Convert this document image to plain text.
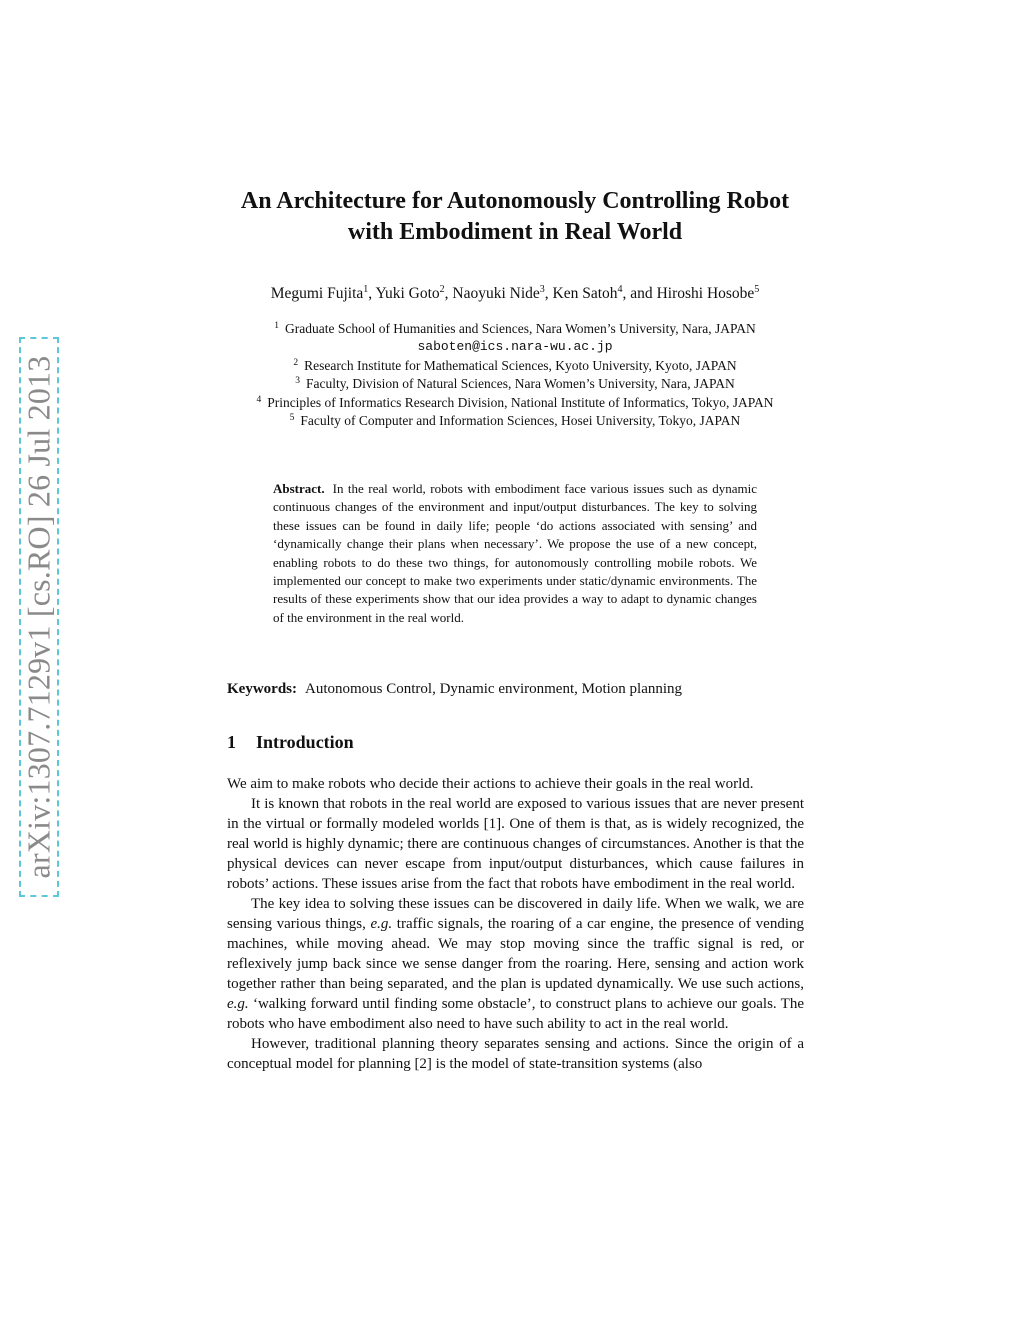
arXiv:1307.7129v1 [cs.RO] 26 Jul 2013
An Architecture for Autonomously Controlling Robot
with Embodiment in Real World
Megumi Fujita$^1$, Yuki Goto$^2$, Naoyuki Nide$^3$, Ken Satoh$^4$, and Hiroshi Hosobe$^5$
$^1$ Graduate School of Humanities and Sciences, Nara Women’s University, Nara, JAPAN
saboten@ics.nara-wu.ac.jp
$^2$ Research Institute for Mathematical Sciences, Kyoto University, Kyoto, JAPAN
$^3$ Faculty, Division of Natural Sciences, Nara Women’s University, Nara, JAPAN
$^4$ Principles of Informatics Research Division, National Institute of Informatics, Tokyo, JAPAN
$^5$ Faculty of Computer and Information Sciences, Hosei University, Tokyo, JAPAN
Abstract. In the real world, robots with embodiment face various issues such as dynamic continuous changes of the environment and input/output disturbances. The key to solving these issues can be found in daily life; people ‘do actions associated with sensing’ and ‘dynamically change their plans when necessary’. We propose the use of a new concept, enabling robots to do these two things, for autonomously controlling mobile robots. We implemented our concept to make two experiments under static/dynamic environments. The results of these experiments show that our idea provides a way to adapt to dynamic changes of the environment in the real world.
Keywords: Autonomous Control, Dynamic environment, Motion planning
1 Introduction

We aim to make robots who decide their actions to achieve their goals in the real world.

It is known that robots in the real world are exposed to various issues that are never present in the virtual or formally modeled worlds [1]. One of them is that, as is widely recognized, the real world is highly dynamic; there are continuous changes of circumstances. Another is that the physical devices can never escape from input/output disturbances, which cause failures in robots’ actions. These issues arise from the fact that robots have embodiment in the real world.

The key idea to solving these issues can be discovered in daily life. When we walk, we are sensing various things, e.g. traffic signals, the roaring of a car engine, the presence of vending machines, while moving ahead. We may stop moving since the traffic signal is red, or reflexively jump back since we sense danger from the roaring. Here, sensing and action work together rather than being separated, and the plan is updated dynamically. We use such actions, e.g. ‘walking forward until finding some obstacle’, to construct plans to achieve our goals. The robots who have embodiment also need to have such ability to act in the real world.

However, traditional planning theory separates sensing and actions. Since the origin of a conceptual model for planning [2] is the model of state-transition systems (also
